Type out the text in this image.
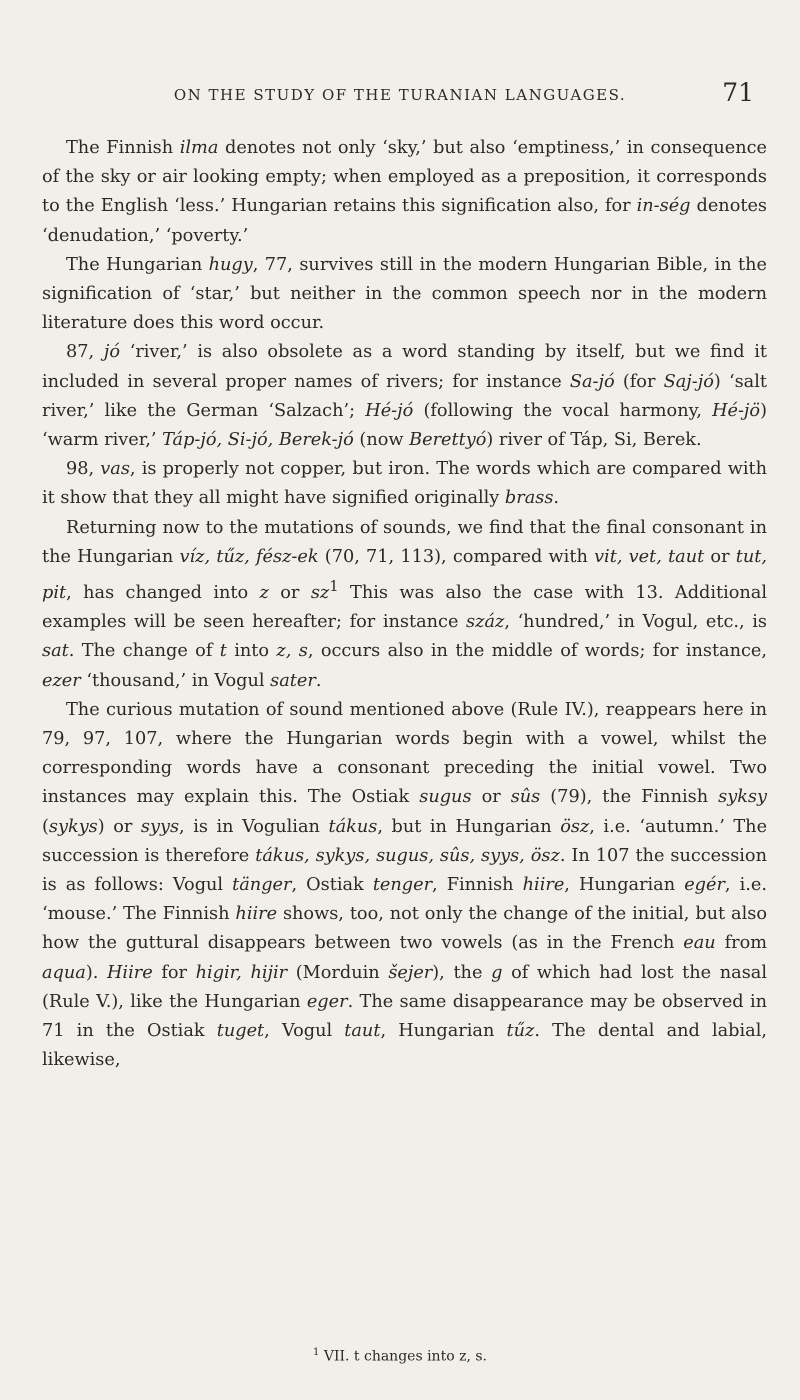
ON THE STUDY OF THE TURANIAN LANGUAGES.	71

The Finnish ilma denotes not only ‘sky,’ but also ‘emptiness,’ in consequence of the sky or air looking empty; when employed as a preposition, it corresponds to the English ‘less.’ Hungarian retains this signification also, for in-ség denotes ‘denudation,’ ‘poverty.’

The Hungarian hugy, 77, survives still in the modern Hungarian Bible, in the signification of ‘star,’ but neither in the common speech nor in the modern literature does this word occur.

87, jó ‘river,’ is also obsolete as a word standing by itself, but we find it included in several proper names of rivers; for instance Sa-jó (for Saj-jó) ‘salt river,’ like the German ‘Salzach’; Hé-jó (following the vocal harmony, Hé-jö) ‘warm river,’ Táp-jó, Si-jó, Berek-jó (now Berettyó) river of Táp, Si, Berek.

98, vas, is properly not copper, but iron. The words which are compared with it show that they all might have signified originally brass.

Returning now to the mutations of sounds, we find that the final consonant in the Hungarian víz, tűz, fész-ek (70, 71, 113), compared with vit, vet, taut or tut, pit, has changed into z or $sz^1$ This was also the case with 13. Additional examples will be seen hereafter; for instance száz, ‘hundred,’ in Vogul, etc., is sat. The change of t into z, s, occurs also in the middle of words; for instance, ezer ‘thousand,’ in Vogul sater.

The curious mutation of sound mentioned above (Rule IV.), reappears here in 79, 97, 107, where the Hungarian words begin with a vowel, whilst the corresponding words have a consonant preceding the initial vowel. Two instances may explain this. The Ostiak sugus or sûs (79), the Finnish syksy (sykys) or syys, is in Vogulian tákus, but in Hungarian ösz, i.e. ‘autumn.’ The succession is therefore tákus, sykys, sugus, sûs, syys, ösz. In 107 the succession is as follows: Vogul tänger, Ostiak tenger, Finnish hiire, Hungarian egér, i.e. ‘mouse.’ The Finnish hiire shows, too, not only the change of the initial, but also how the guttural disappears between two vowels (as in the French eau from aqua). Hiire for higir, hijir (Morduin šejer), the g of which had lost the nasal (Rule V.), like the Hungarian eger. The same disappearance may be observed in 71 in the Ostiak tuget, Vogul taut, Hungarian tűz. The dental and labial, likewise,

$^1$ VII. t changes into z, s.
